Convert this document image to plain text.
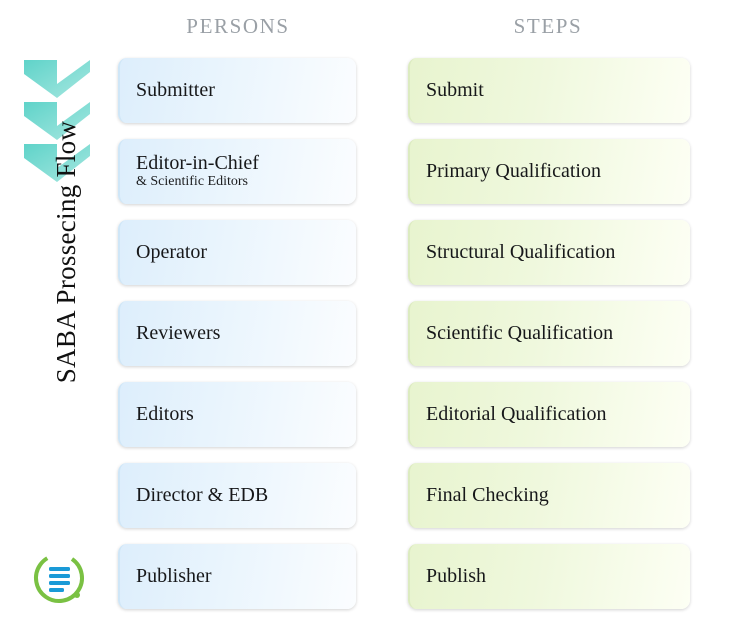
SABA Prossecing Flow
PERSONS	STEPS
Submitter
Editor-in-Chief
& Scientific Editors
Operator
Reviewers
Editors
Director & EDB
Publisher
Submit
Primary Qualification
Structural Qualification
Scientific Qualification
Editorial Qualification
Final Checking
Publish
